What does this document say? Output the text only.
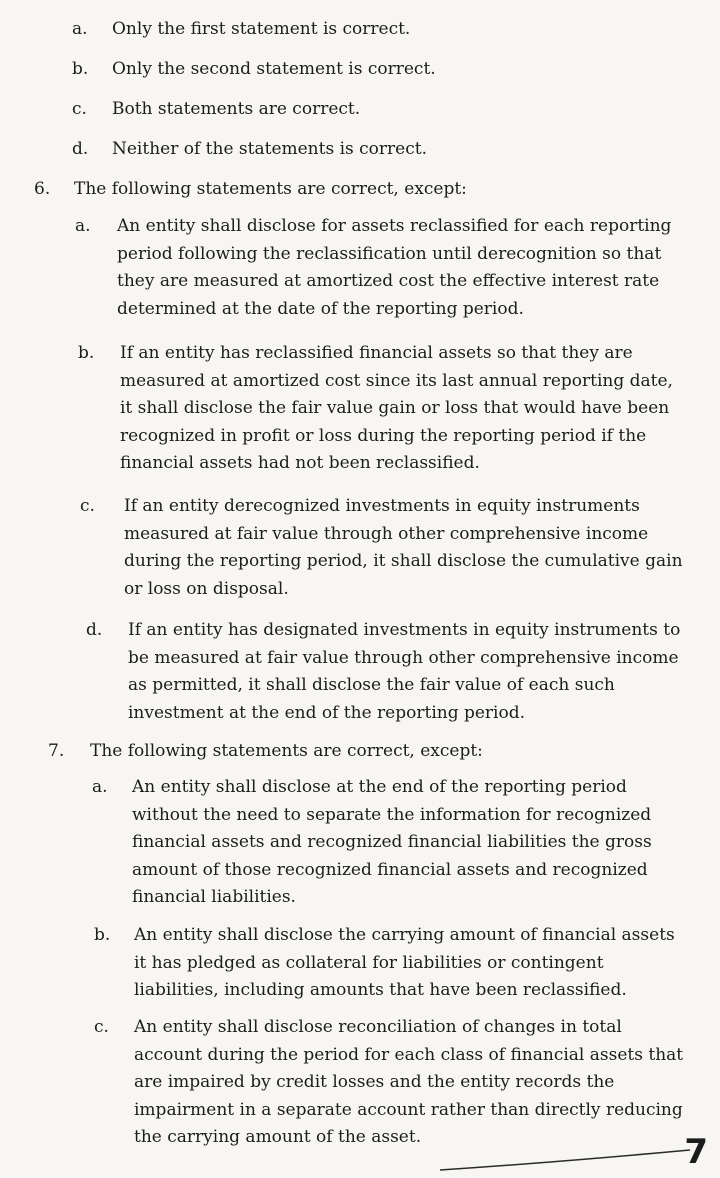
a.	Only the first statement is correct.
b.	Only the second statement is correct.
c.	Both statements are correct.
d.	Neither of the statements is correct.
6.	The following statements are correct, except:
a.	An entity shall disclose for assets reclassified for each reporting period following the reclassification until derecognition so that they are measured at amortized cost the effective interest rate determined at the date of the reporting period.
b.	If an entity has reclassified financial assets so that they are measured at amortized cost since its last annual reporting date, it shall disclose the fair value gain or loss that would have been recognized in profit or loss during the reporting period if the financial assets had not been reclassified.
c.	If an entity derecognized investments in equity instruments measured at fair value through other comprehensive income during the reporting period, it shall disclose the cumulative gain or loss on disposal.
d.	If an entity has designated investments in equity instruments to be measured at fair value through other comprehensive income as permitted, it shall disclose the fair value of each such investment at the end of the reporting period.
7.	The following statements are correct, except:
a.	An entity shall disclose at the end of the reporting period without the need to separate the information for recognized financial assets and recognized financial liabilities the gross amount of those recognized financial assets and recognized financial liabilities.
b.	An entity shall disclose the carrying amount of financial assets it has pledged as collateral for liabilities or contingent liabilities, including amounts that have been reclassified.
c.	An entity shall disclose reconciliation of changes in total account during the period for each class of financial assets that are impaired by credit losses and the entity records the impairment in a separate account rather than directly reducing the carrying amount of the asset.	7
